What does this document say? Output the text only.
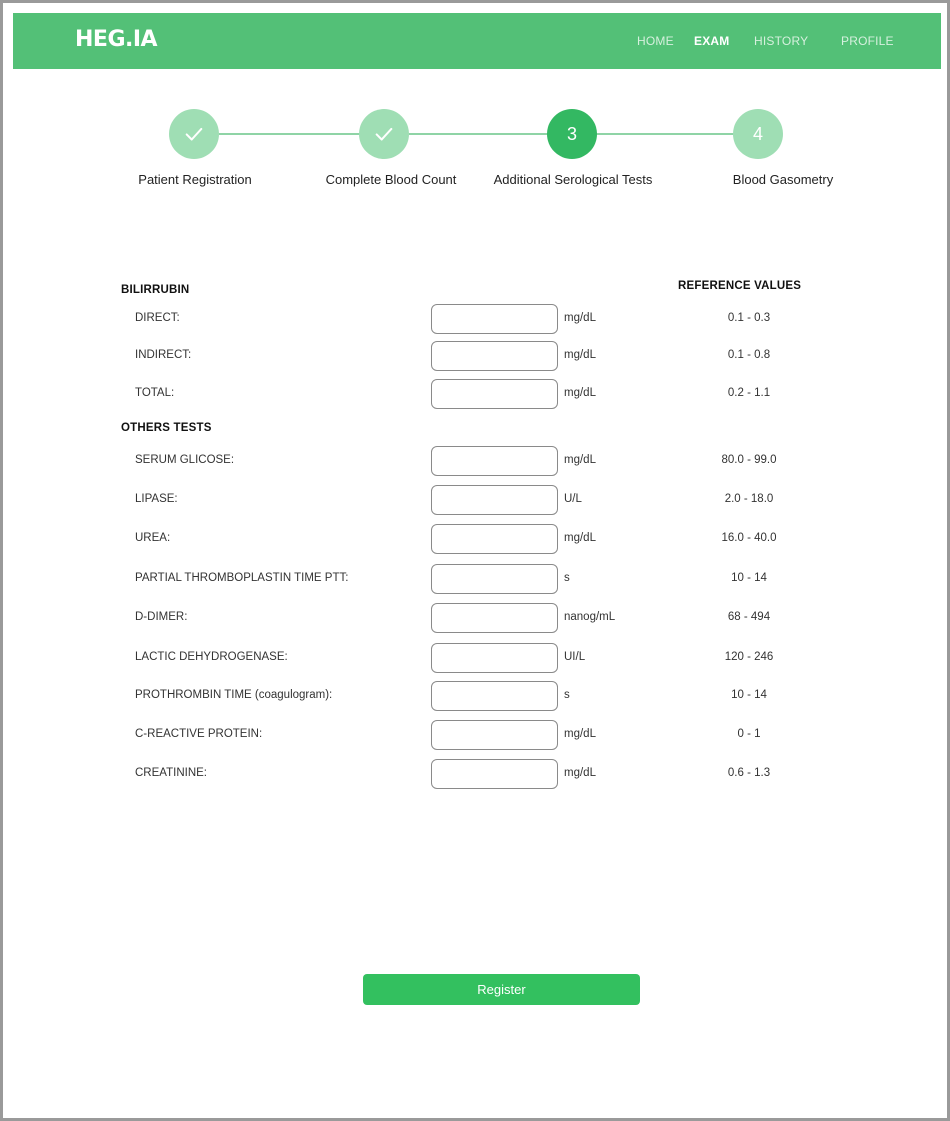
HEG.IA	HOME EXAM HISTORY	PROFILE
3	4
Patient Registration	Complete Blood Count	Additional Serological Tests	Blood Gasometry
BILIRRUBIN	REFERENCE VALUES
DIRECT:	mg/dL	0.1 - 0.3
INDIRECT:	mg/dL	0.1 - 0.8
TOTAL:	mg/dL	0.2 - 1.1
OTHERS TESTS
SERUM GLICOSE:	mg/dL	80.0 - 99.0
LIPASE:	U/L	2.0 - 18.0
UREA:	mg/dL	16.0 - 40.0
PARTIAL THROMBOPLASTIN TIME PTT:	s	10 - 14
D-DIMER:	nanog/mL	68 - 494
LACTIC DEHYDROGENASE:	UI/L	120 - 246
PROTHROMBIN TIME (coagulogram):	s	10 - 14
C-REACTIVE PROTEIN:	mg/dL	0 - 1
CREATININE:	mg/dL	0.6 - 1.3
Register
